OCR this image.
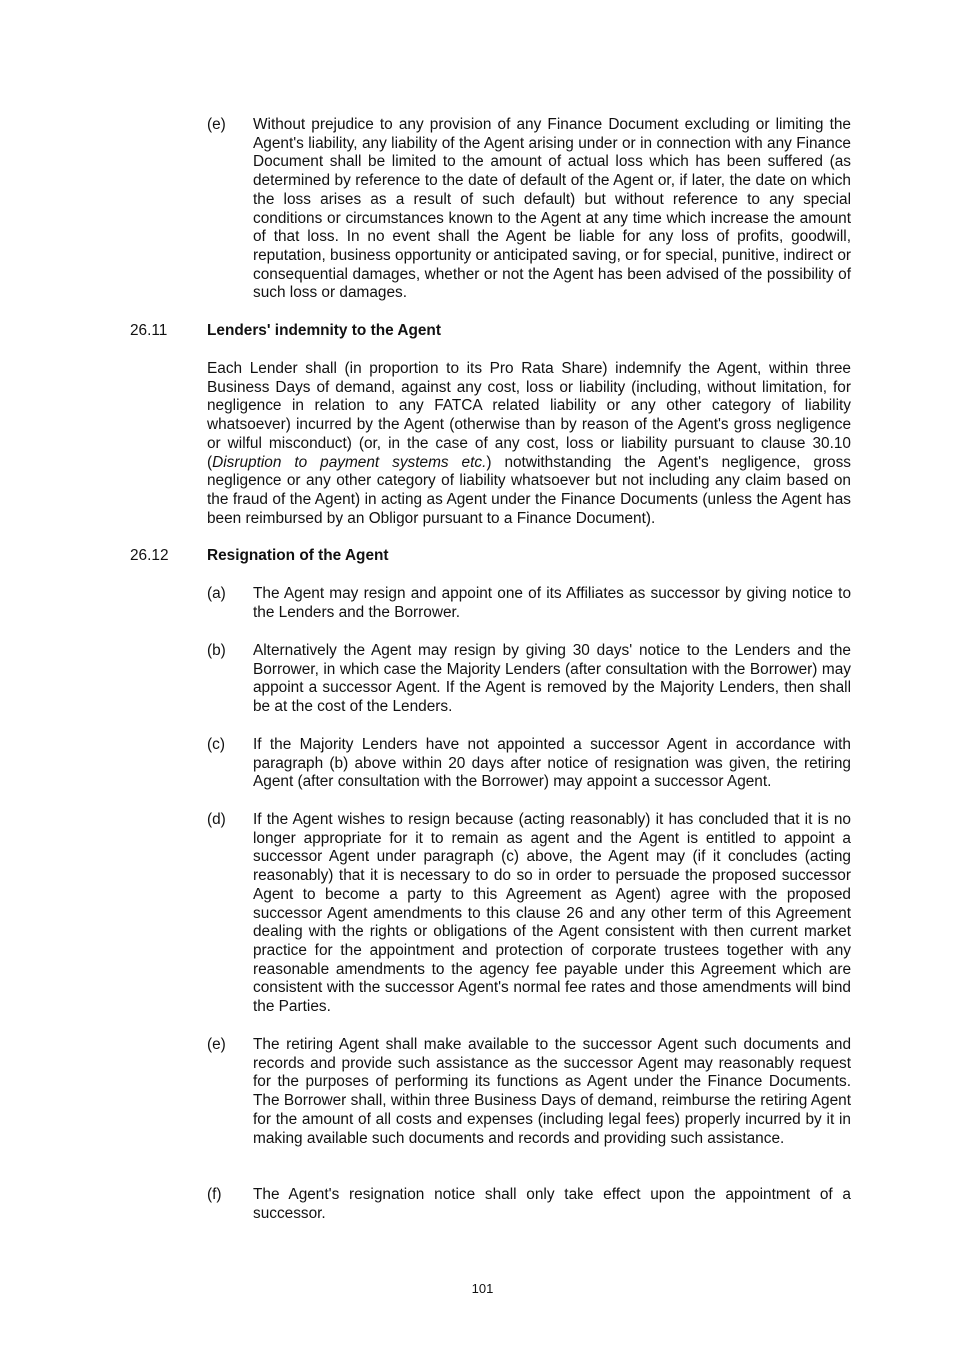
(e)	Without prejudice to any provision of any Finance Document excluding or limiting the Agent's liability, any liability of the Agent arising under or in connection with any Finance Document shall be limited to the amount of actual loss which has been suffered (as determined by reference to the date of default of the Agent or, if later, the date on which the loss arises as a result of such default) but without reference to any special conditions or circumstances known to the Agent at any time which increase the amount of that loss. In no event shall the Agent be liable for any loss of profits, goodwill, reputation, business opportunity or anticipated saving, or for special, punitive, indirect or consequential damages, whether or not the Agent has been advised of the possibility of such loss or damages.
26.11	Lenders' indemnity to the Agent
Each Lender shall (in proportion to its Pro Rata Share) indemnify the Agent, within three Business Days of demand, against any cost, loss or liability (including, without limitation, for negligence in relation to any FATCA related liability or any other category of liability whatsoever) incurred by the Agent (otherwise than by reason of the Agent's gross negligence or wilful misconduct) (or, in the case of any cost, loss or liability pursuant to clause 30.10 (Disruption to payment systems etc.) notwithstanding the Agent's negligence, gross negligence or any other category of liability whatsoever but not including any claim based on the fraud of the Agent) in acting as Agent under the Finance Documents (unless the Agent has been reimbursed by an Obligor pursuant to a Finance Document).
26.12 Resignation of the Agent
(a)	The Agent may resign and appoint one of its Affiliates as successor by giving notice to the Lenders and the Borrower.
(b)	Alternatively the Agent may resign by giving 30 days' notice to the Lenders and the Borrower, in which case the Majority Lenders (after consultation with the Borrower) may appoint a successor Agent. If the Agent is removed by the Majority Lenders, then shall be at the cost of the Lenders.
(c)	If the Majority Lenders have not appointed a successor Agent in accordance with paragraph (b) above within 20 days after notice of resignation was given, the retiring Agent (after consultation with the Borrower) may appoint a successor Agent.
(d)	If the Agent wishes to resign because (acting reasonably) it has concluded that it is no longer appropriate for it to remain as agent and the Agent is entitled to appoint a successor Agent under paragraph (c) above, the Agent may (if it concludes (acting reasonably) that it is necessary to do so in order to persuade the proposed successor Agent to become a party to this Agreement as Agent) agree with the proposed successor Agent amendments to this clause 26 and any other term of this Agreement dealing with the rights or obligations of the Agent consistent with then current market practice for the appointment and protection of corporate trustees together with any reasonable amendments to the agency fee payable under this Agreement which are consistent with the successor Agent's normal fee rates and those amendments will bind the Parties.
(e)	The retiring Agent shall make available to the successor Agent such documents and records and provide such assistance as the successor Agent may reasonably request for the purposes of performing its functions as Agent under the Finance Documents. The Borrower shall, within three Business Days of demand, reimburse the retiring Agent for the amount of all costs and expenses (including legal fees) properly incurred by it in making available such documents and records and providing such assistance.
(f)	The Agent's resignation notice shall only take effect upon the appointment of a successor.
101
